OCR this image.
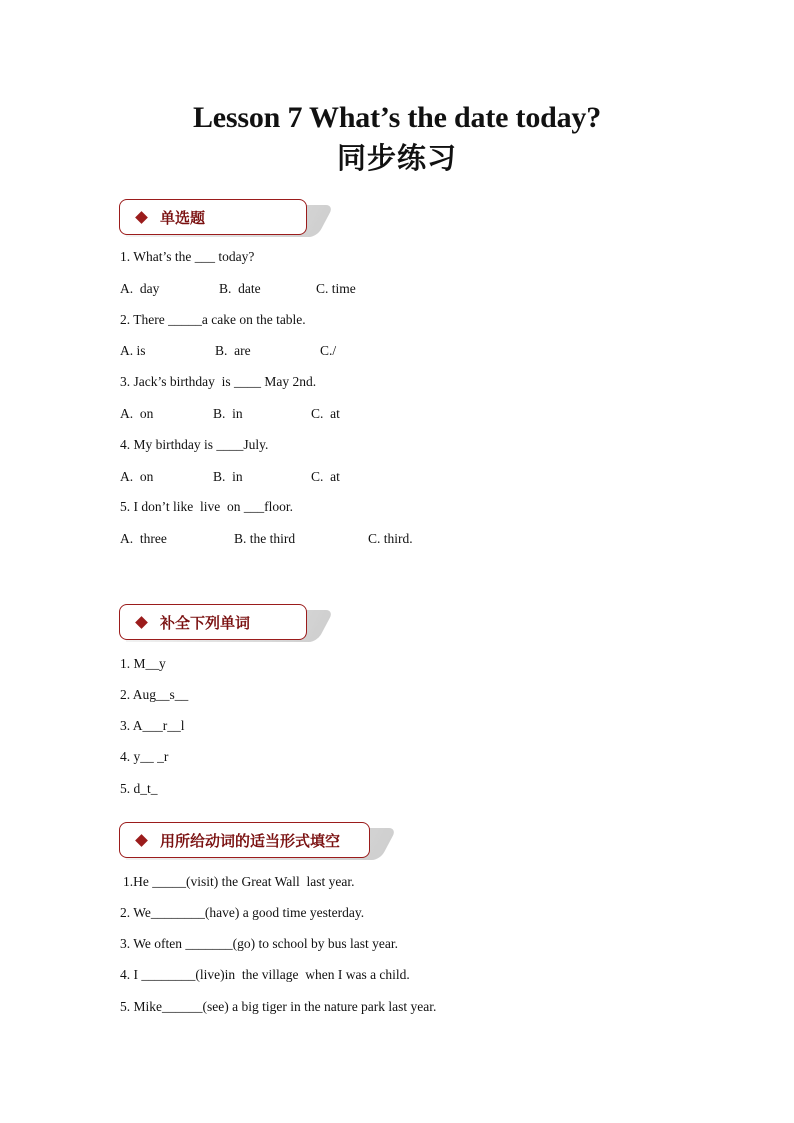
Lesson 7 What’s the date today?
同步练习
单选题
1. What’s the ___ today?
A.  day	B.  date	C. time
2. There _____a cake on the table.
A. is	B.  are	C./
3. Jack’s birthday  is ____ May 2nd.
A.  on	B.  in	C.  at
4. My birthday is ____July.
A.  on	B.  in	C.  at
5. I don’t like  live  on ___floor.
A.  three	B. the third	C. third.
补全下列单词
1. M__y
2. Aug__s__
3. A___r__l
4. y__ _r
5. d_t_
用所给动词的适当形式填空
1.He _____(visit) the Great Wall  last year.
2. We________(have) a good time yesterday.
3. We often _______(go) to school by bus last year.
4. I ________(live)in  the village  when I was a child.
5. Mike______(see) a big tiger in the nature park last year.
